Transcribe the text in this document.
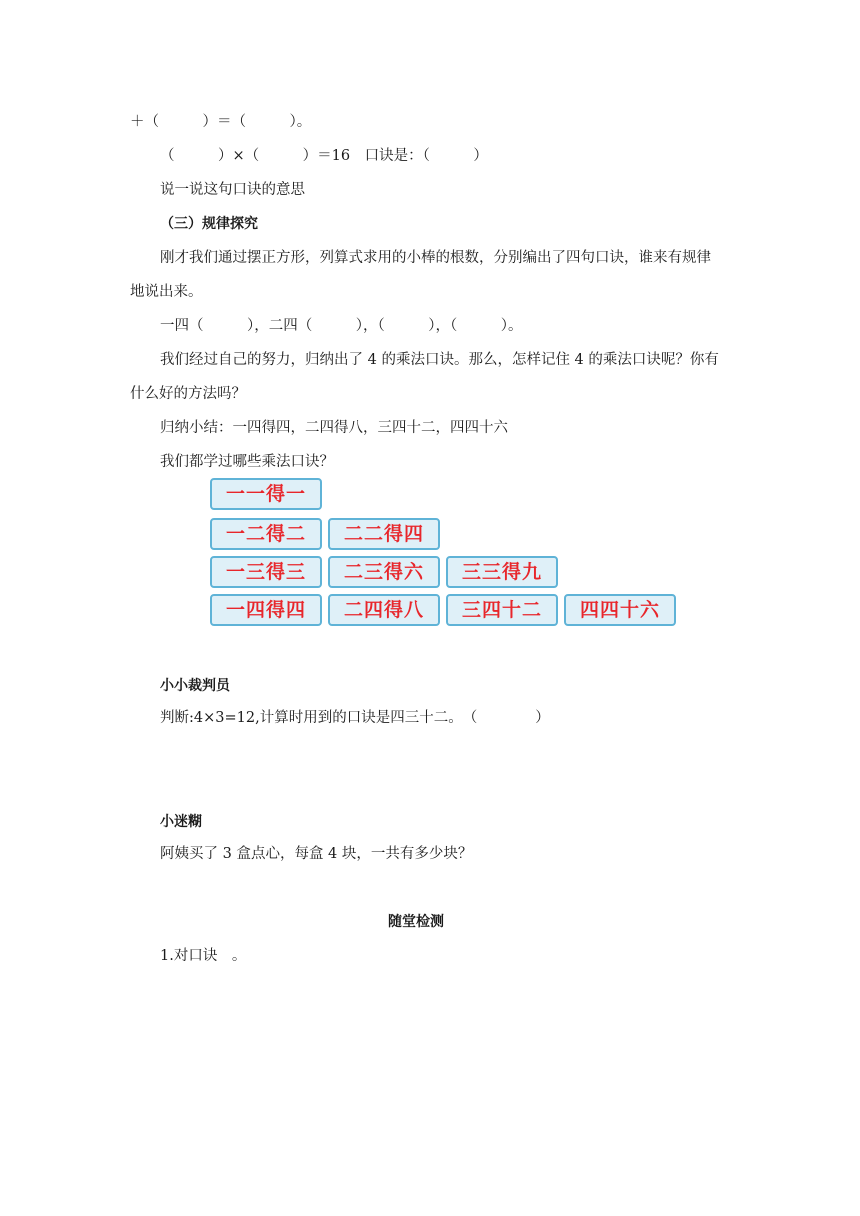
＋（　　　）＝（　　　）。
（　　　）×（　　　）＝16　口诀是：（　　　）
说一说这句口诀的意思
（三）规律探究
刚才我们通过摆正方形，列算式求用的小棒的根数，分别编出了四句口诀，谁来有规律
地说出来。
一四（　　　），二四（　　　），（　　　），（　　　）。
我们经过自己的努力，归纳出了 4 的乘法口诀。那么，怎样记住 4 的乘法口诀呢？你有
什么好的方法吗？
归纳小结：一四得四，二四得八，三四十二，四四十六
我们都学过哪些乘法口诀？
一一得一
一二得二	二二得四
一三得三	二三得六	三三得九
一四得四	二四得八	三四十二	四四十六
小小裁判员
判断:4×3=12,计算时用到的口诀是四三十二。　（　　　　）
小迷糊
阿姨买了 3 盒点心，每盒 4 块，一共有多少块？
随堂检测
1.对口诀　。
